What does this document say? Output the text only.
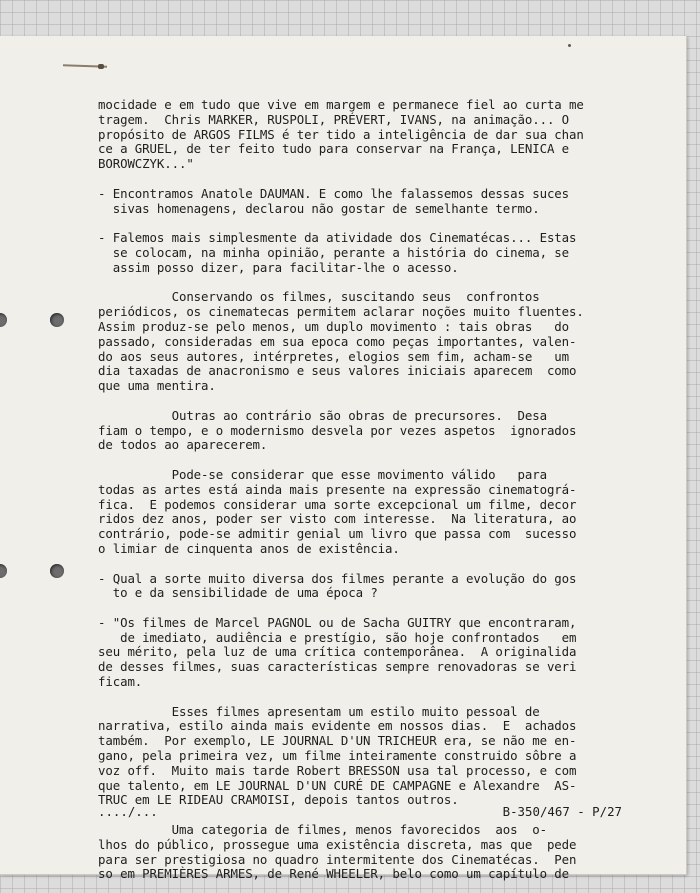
mocidade e em tudo que vive em margem e permanece fiel ao curta me
tragem.  Chris MARKER, RUSPOLI, PRÉVERT, IVANS, na animação... O
propósito de ARGOS FILMS é ter tido a inteligência de dar sua chan
ce a GRUEL, de ter feito tudo para conservar na França, LENICA e
BOROWCZYK..."
- Encontramos Anatole DAUMAN. E como lhe falassemos dessas suces
sivas homenagens, declarou não gostar de semelhante termo.
- Falemos mais simplesmente da atividade dos Cinematécas... Estas
se colocam, na minha opinião, perante a história do cinema, se
assim posso dizer, para facilitar-lhe o acesso.
Conservando os filmes, suscitando seus  confrontos
periódicos, os cinematecas permitem aclarar noções muito fluentes.
Assim produz-se pelo menos, um duplo movimento : tais obras   do
passado, consideradas em sua epoca como peças importantes, valen-
do aos seus autores, intérpretes, elogios sem fim, acham-se   um
dia taxadas de anacronismo e seus valores iniciais aparecem  como
que uma mentira.
Outras ao contrário são obras de precursores.  Desa
fiam o tempo, e o modernismo desvela por vezes aspetos  ignorados
de todos ao aparecerem.
Pode-se considerar que esse movimento válido   para
todas as artes está ainda mais presente na expressão cinematográ-
fica.  E podemos considerar uma sorte excepcional um filme, decor
ridos dez anos, poder ser visto com interesse.  Na literatura, ao
contrário, pode-se admitir genial um livro que passa com  sucesso
o limiar de cinquenta anos de existência.
- Qual a sorte muito diversa dos filmes perante a evolução do gos
to e da sensibilidade de uma época ?
- "Os filmes de Marcel PAGNOL ou de Sacha GUITRY que encontraram,
de imediato, audiência e prestígio, são hoje confrontados   em
seu mérito, pela luz de uma crítica contemporânea.  A originalida
de desses filmes, suas características sempre renovadoras se veri
ficam.
Esses filmes apresentam um estilo muito pessoal de
narrativa, estilo ainda mais evidente em nossos dias.  E  achados
também.  Por exemplo, LE JOURNAL D'UN TRICHEUR era, se não me en-
gano, pela primeira vez, um filme inteiramente construido sôbre a
voz off.  Muito mais tarde Robert BRESSON usa tal processo, e com
que talento, em LE JOURNAL D'UN CURÉ DE CAMPAGNE e Alexandre  AS-
TRUC em LE RIDEAU CRAMOISI, depois tantos outros.
Uma categoria de filmes, menos favorecidos  aos  o-
lhos do público, prossegue uma existência discreta, mas que  pede
para ser prestigiosa no quadro intermitente dos Cinematécas.  Pen
so em PREMIÈRES ARMES, de René WHEELER, belo como um capítulo de
..../...	B-350/467 - P/27
